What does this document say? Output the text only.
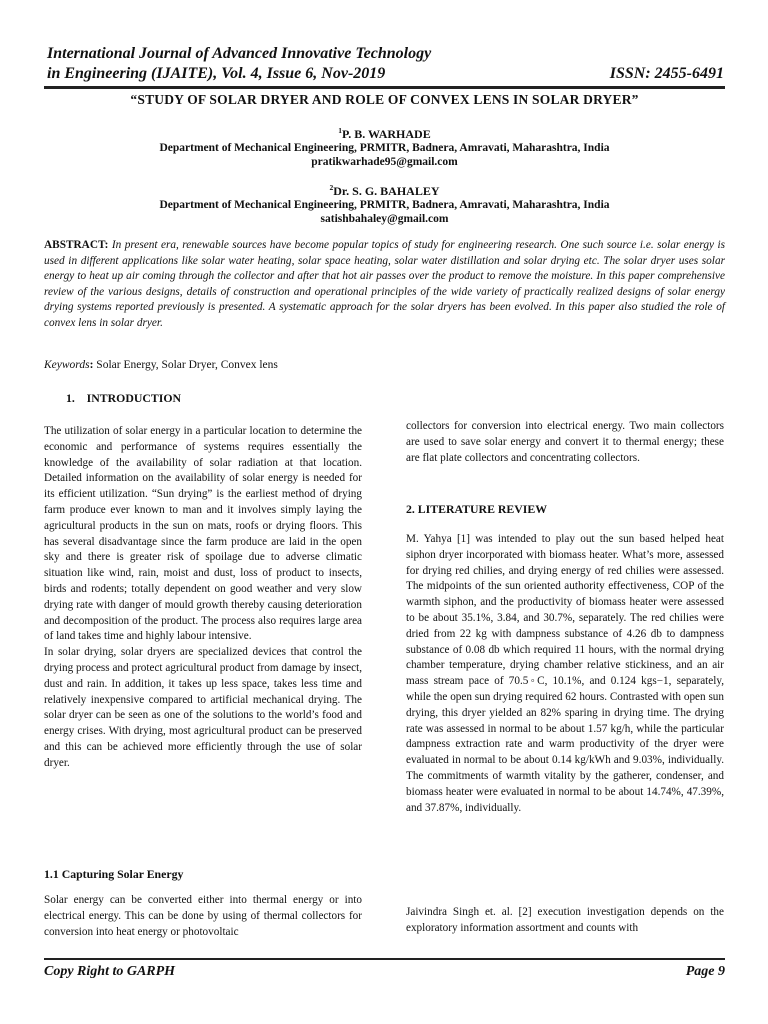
International Journal of Advanced Innovative Technology
in Engineering (IJAITE), Vol. 4, Issue 6, Nov-2019	ISSN: 2455-6491
“STUDY OF SOLAR DRYER AND ROLE OF CONVEX LENS IN SOLAR DRYER”
$^1$P. B. WARHADE
Department of Mechanical Engineering, PRMITR, Badnera, Amravati, Maharashtra, India
pratikwarhade95@gmail.com
$^2$Dr. S. G. BAHALEY
Department of Mechanical Engineering, PRMITR, Badnera, Amravati, Maharashtra, India
satishbahaley@gmail.com
ABSTRACT: In present era, renewable sources have become popular topics of study for engineering research. One such source i.e. solar energy is used in different applications like solar water heating, solar space heating, solar water distillation and solar drying etc. The solar dryer uses solar energy to heat up air coming through the collector and after that hot air passes over the product to remove the moisture. In this paper comprehensive review of the various designs, details of construction and operational principles of the wide variety of practically realized designs of solar energy drying systems reported previously is presented. A systematic approach for the solar dryers has been evolved. In this paper also studied the role of convex lens in solar dryer.
Keywords: Solar Energy, Solar Dryer, Convex lens
1.    INTRODUCTION

The utilization of solar energy in a particular location to determine the economic and performance of systems requires essentially the knowledge of the availability of solar radiation at that location. Detailed information on the availability of solar energy is needed for its efficient utilization. “Sun drying” is the earliest method of drying farm produce ever known to man and it involves simply laying the agricultural products in the sun on mats, roofs or drying floors. This has several disadvantage since the farm produce are laid in the open sky and there is greater risk of spoilage due to adverse climatic situation like wind, rain, moist and dust, loss of product to insects, birds and rodents; totally dependent on good weather and very slow drying rate with danger of mould growth thereby causing deterioration and decomposition of the product. The process also requires large area of land takes time and highly labour intensive.

In solar drying, solar dryers are specialized devices that control the drying process and protect agricultural product from damage by insect, dust and rain. In addition, it takes up less space, takes less time and relatively inexpensive compared to artificial mechanical drying. The solar dryer can be seen as one of the solutions to the world’s food and energy crises. With drying, most agricultural product can be preserved and this can be achieved more efficiently through the use of solar dryer.

1.1 Capturing Solar Energy
Solar energy can be converted either into thermal energy or into electrical energy. This can be done by using of thermal collectors for conversion into heat energy or photovoltaic
collectors for conversion into electrical energy. Two main collectors are used to save solar energy and convert it to thermal energy; these are flat plate collectors and concentrating collectors.
2. LITERATURE REVIEW
M. Yahya [1] was intended to play out the sun based helped heat siphon dryer incorporated with biomass heater. What’s more, assessed for drying red chilies, and drying energy of red chilies were assessed. The midpoints of the sun oriented authority effectiveness, COP of the warmth siphon, and the productivity of biomass heater were assessed to be about 35.1%, 3.84, and 30.7%, separately. The red chilies were dried from 22 kg with dampness substance of 4.26 db to dampness substance of 0.08 db which required 11 hours, with the normal drying chamber temperature, drying chamber relative stickiness, and an air mass stream pace of 70.5◦C, 10.1%, and 0.124 kgs−1, separately, while the open sun drying required 62 hours. Contrasted with open sun drying, this dryer yielded an 82% sparing in drying time. The drying rate was assessed in normal to be about 1.57 kg/h, while the particular dampness extraction rate and warm productivity of the dryer were evaluated in normal to be about 0.14 kg/kWh and 9.03%, individually. The commitments of warmth vitality by the gatherer, condenser, and biomass heater were evaluated in normal to be about 14.74%, 47.39%, and 37.87%, individually.
Jaivindra Singh et. al. [2] execution investigation depends on the exploratory information assortment and counts with
Copy Right to GARPH	Page 9
